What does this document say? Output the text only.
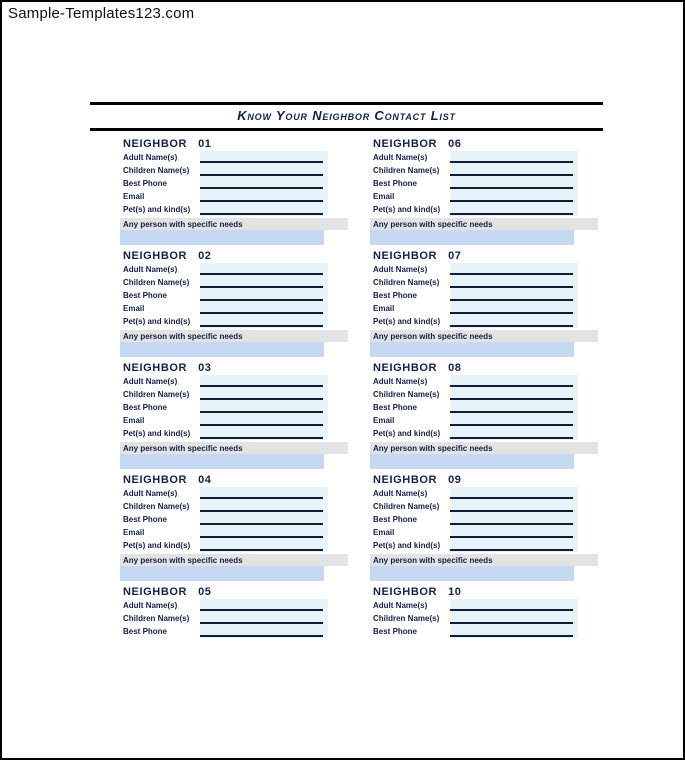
Sample-Templates123.com
Know Your Neighbor Contact List
NEIGHBOR 01
Adult Name(s)
Children Name(s)
Best Phone
Email
Pet(s) and kind(s)
Any person with specific needs
NEIGHBOR 02
Adult Name(s)
Children Name(s)
Best Phone
Email
Pet(s) and kind(s)
Any person with specific needs
NEIGHBOR 03
Adult Name(s)
Children Name(s)
Best Phone
Email
Pet(s) and kind(s)
Any person with specific needs
NEIGHBOR 04
Adult Name(s)
Children Name(s)
Best Phone
Email
Pet(s) and kind(s)
Any person with specific needs
NEIGHBOR 05
Adult Name(s)
Children Name(s)
Best Phone
NEIGHBOR 06
Adult Name(s)
Children Name(s)
Best Phone
Email
Pet(s) and kind(s)
Any person with specific needs
NEIGHBOR 07
Adult Name(s)
Children Name(s)
Best Phone
Email
Pet(s) and kind(s)
Any person with specific needs
NEIGHBOR 08
Adult Name(s)
Children Name(s)
Best Phone
Email
Pet(s) and kind(s)
Any person with specific needs
NEIGHBOR 09
Adult Name(s)
Children Name(s)
Best Phone
Email
Pet(s) and kind(s)
Any person with specific needs
NEIGHBOR 10
Adult Name(s)
Children Name(s)
Best Phone
